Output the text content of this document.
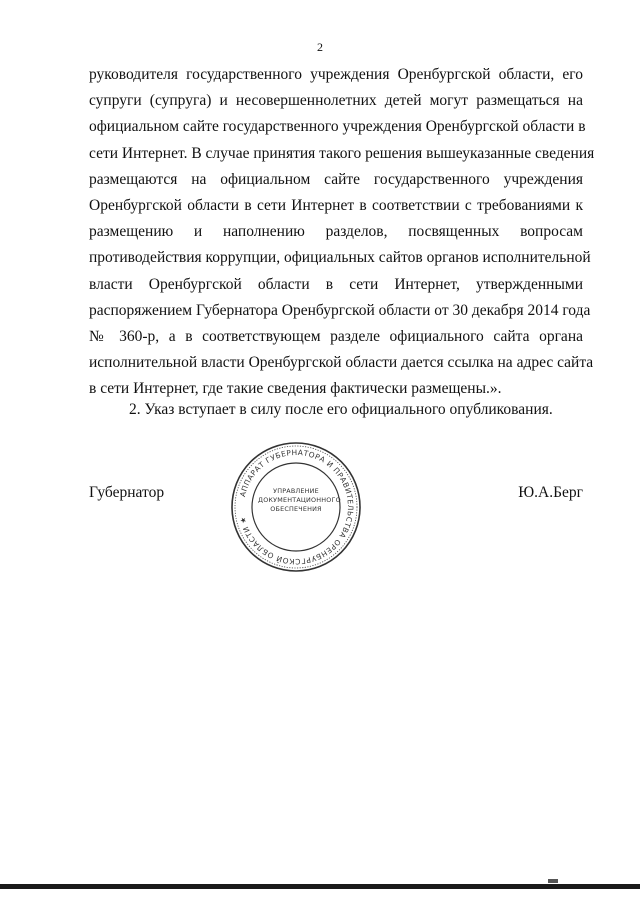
2
руководителя государственного учреждения Оренбургской области, его
супруги (супруга) и несовершеннолетних детей могут размещаться на
официальном сайте государственного учреждения Оренбургской области в
сети Интернет. В случае принятия такого решения вышеуказанные сведения
размещаются на официальном сайте государственного учреждения
Оренбургской области в сети Интернет в соответствии с требованиями к
размещению и наполнению разделов, посвященных вопросам
противодействия коррупции, официальных сайтов органов исполнительной
власти Оренбургской области в сети Интернет, утвержденными
распоряжением Губернатора Оренбургской области от 30 декабря 2014 года
№ 360-р, а в соответствующем разделе официального сайта органа
исполнительной власти Оренбургской области дается ссылка на адрес сайта
в сети Интернет, где такие сведения фактически размещены.».
2. Указ вступает в силу после его официального опубликования.
Губернатор	Ю.А.Берг
АППАРАТ ГУБЕРНАТОРА И ПРАВИТЕЛЬСТВА ОРЕНБУРГСКОЙ ОБЛАСТИ ★
УПРАВЛЕНИЕ
ДОКУМЕНТАЦИОННОГО
ОБЕСПЕЧЕНИЯ
